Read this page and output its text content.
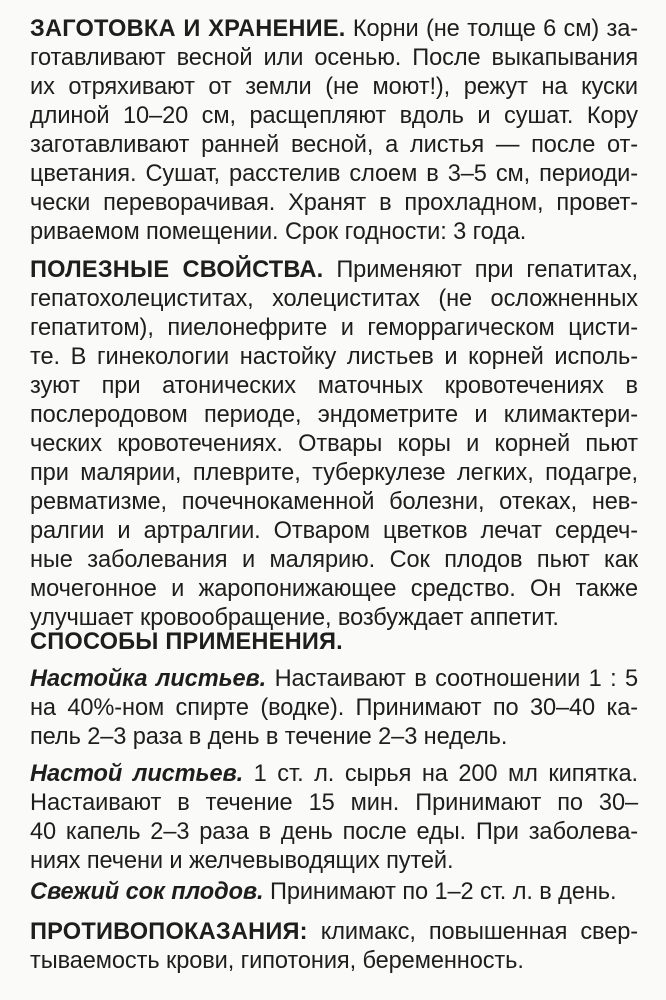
ЗАГОТОВКА И ХРАНЕНИЕ. Корни (не толще 6 см) за-
готавливают весной или осенью. После выкапывания
их отряхивают от земли (не моют!), режут на куски
длиной 10–20 см, расщепляют вдоль и сушат. Кору
заготавливают ранней весной, а листья — после от-
цветания. Сушат, расстелив слоем в 3–5 см, периоди-
чески переворачивая. Хранят в прохладном, провет-
риваемом помещении. Срок годности: 3 года.
ПОЛЕЗНЫЕ СВОЙСТВА. Применяют при гепатитах,
гепатохолециститах, холециститах (не осложненных
гепатитом), пиелонефрите и геморрагическом цисти-
те. В гинекологии настойку листьев и корней исполь-
зуют при атонических маточных кровотечениях в
послеродовом периоде, эндометрите и климактери-
ческих кровотечениях. Отвары коры и корней пьют
при малярии, плеврите, туберкулезе легких, подагре,
ревматизме, почечнокаменной болезни, отеках, нев-
ралгии и артралгии. Отваром цветков лечат сердеч-
ные заболевания и малярию. Сок плодов пьют как
мочегонное и жаропонижающее средство. Он также
улучшает кровообращение, возбуждает аппетит.
СПОСОБЫ ПРИМЕНЕНИЯ.
Настойка листьев. Настаивают в соотношении 1 : 5
на 40%-ном спирте (водке). Принимают по 30–40 ка-
пель 2–3 раза в день в течение 2–3 недель.
Настой листьев. 1 ст. л. сырья на 200 мл кипятка.
Настаивают в течение 15 мин. Принимают по 30–
40 капель 2–3 раза в день после еды. При заболева-
ниях печени и желчевыводящих путей.
Свежий сок плодов. Принимают по 1–2 ст. л. в день.
ПРОТИВОПОКАЗАНИЯ: климакс, повышенная свер-
тываемость крови, гипотония, беременность.
